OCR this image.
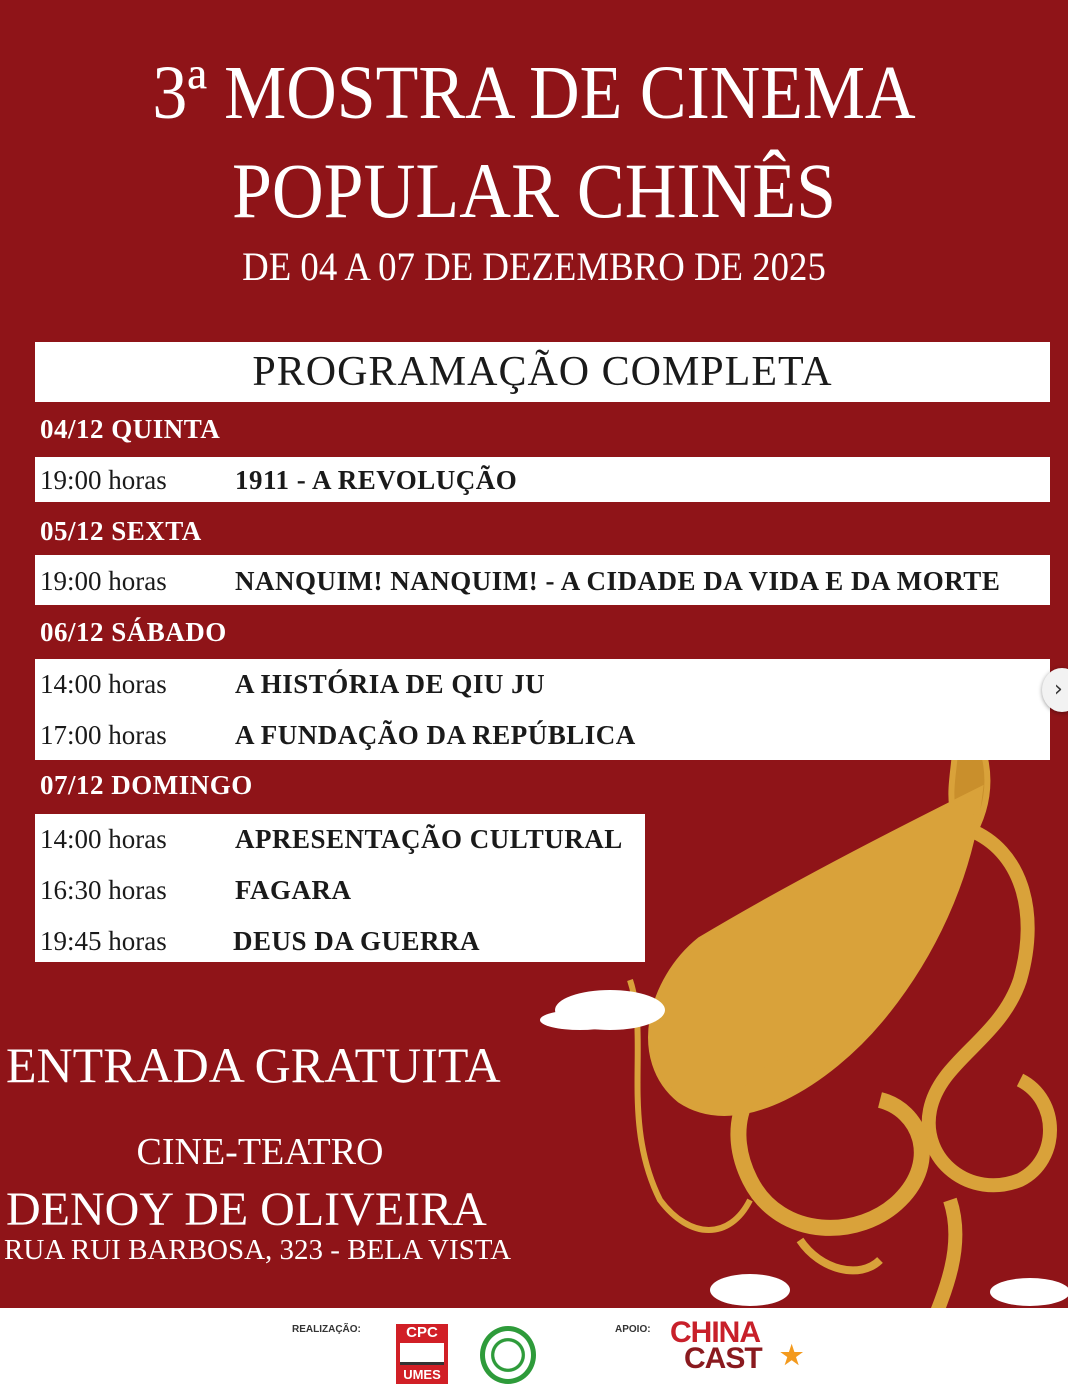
3ª MOSTRA DE CINEMA
POPULAR CHINÊS
DE 04 A 07 DE DEZEMBRO DE 2025
PROGRAMAÇÃO COMPLETA
04/12 QUINTA
19:00 horas	1911 - A REVOLUÇÃO
05/12 SEXTA
19:00 horas	NANQUIM! NANQUIM! - A CIDADE DA VIDA E DA MORTE
06/12 SÁBADO
14:00 horas	A HISTÓRIA DE QIU JU
17:00 horas	A FUNDAÇÃO DA REPÚBLICA
07/12 DOMINGO
14:00 horas	APRESENTAÇÃO CULTURAL
16:30 horas	FAGARA
19:45 horas DEUS DA GUERRA
ENTRADA GRATUITA
CINE-TEATRO
DENOY DE OLIVEIRA
RUA RUI BARBOSA, 323 - BELA VISTA
REALIZAÇÃO:	CPC
UMES
APOIO: CHINA
CAST ★
›
